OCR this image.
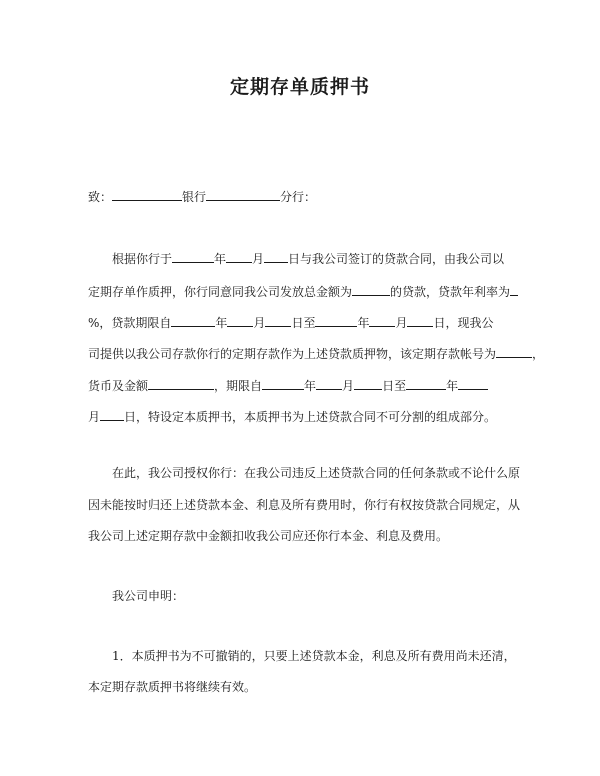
定期存单质押书
致：	银行	分行：
根据你行于	年 月 日与我公司签订的贷款合同，由我公司以
定期存单作质押，你行同意同我公司发放总金额为	的贷款，贷款年利率为
%，贷款期限自	年 月 日至	年 月 日，现我公
司提供以我公司存款你行的定期存款作为上述贷款质押物，该定期存款帐号为	，
货币及金额	，期限自	年 月 日至	年
月 日，特设定本质押书，本质押书为上述贷款合同不可分割的组成部分。
在此，我公司授权你行：在我公司违反上述贷款合同的任何条款或不论什么原
因未能按时归还上述贷款本金、利息及所有费用时，你行有权按贷款合同规定，从
我公司上述定期存款中金额扣收我公司应还你行本金、利息及费用。
我公司申明：
1．本质押书为不可撤销的，只要上述贷款本金，利息及所有费用尚未还清，
本定期存款质押书将继续有效。
